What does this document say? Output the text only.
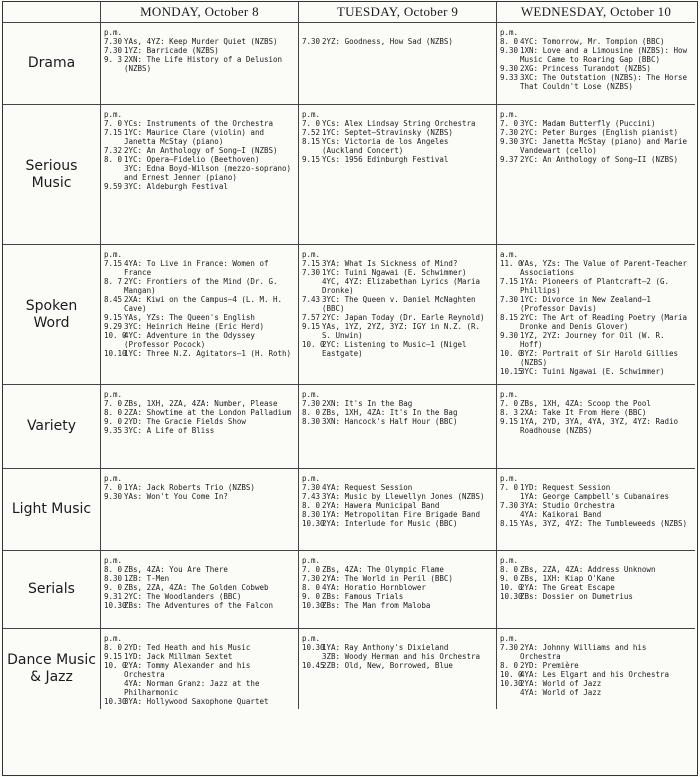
MONDAY, October 8	TUESDAY, October 9	WEDNESDAY, October 10
Drama
p.m.
7.30 YAs, 4YZ: Keep Murder Quiet (NZBS)
7.30 1YZ: Barricade (NZBS)
9. 3 2XN: The Life History of a Delusion (NZBS)
7.30 2YZ: Goodness, How Sad (NZBS)
p.m.
8. 0 4YC: Tomorrow, Mr. Tompion (BBC)
9.30 1XN: Love and a Limousine (NZBS): How Music Came to Roaring Gap (BBC)
9.30 2XG: Princess Turandot (NZBS)
9.33 3XC: The Outstation (NZBS): The Horse That Couldn't Lose (NZBS)
Serious Music
p.m.
7. 0 YCs: Instruments of the Orchestra
7.15 1YC: Maurice Clare (violin) and Janetta McStay (piano)
7.32 2YC: An Anthology of Song—I (NZBS)
8. 0 1YC: Opera—Fidelio (Beethoven)
3YC: Edna Boyd-Wilson (mezzo-soprano) and Ernest Jenner (piano)
9.59 3YC: Aldeburgh Festival
p.m.
7. 0 YCs: Alex Lindsay String Orchestra
7.52 1YC: Septet—Stravinsky (NZBS)
8.15 YCs: Victoria de los Angeles (Auckland Concert)
9.15 YCs: 1956 Edinburgh Festival
p.m.
7. 0 3YC: Madam Butterfly (Puccini)
7.30 2YC: Peter Burges (English pianist)
9.30 3YC: Janetta McStay (piano) and Marie Vandewart (cello)
9.37 2YC: An Anthology of Song—II (NZBS)
Spoken Word
p.m.
7.15 4YA: To Live in France: Women of France
8. 7 2YC: Frontiers of the Mind (Dr. G. Mangan)
8.45 2XA: Kiwi on the Campus—4 (L. M. H. Cave)
9.15 YAs, YZs: The Queen's English
9.29 3YC: Heinrich Heine (Eric Herd)
10. 0
4YC: Adventure in the Odyssey (Professor Pocock)
10.10
1YC: Three N.Z. Agitators—1 (H. Roth)
p.m.
7.15 3YA: What Is Sickness of Mind?
7.30 1YC: Tuini Ngawai (E. Schwimmer)
4YC, 4YZ: Elizabethan Lyrics (Maria Dronke)
7.43 3YC: The Queen v. Daniel McNaghten (BBC)
7.57 2YC: Japan Today (Dr. Earle Reynold)
9.15 YAs, 1YZ, 2YZ, 3YZ: IGY in N.Z. (R. S. Unwin)
10. 0
2YC: Listening to Music—1 (Nigel Eastgate)
a.m.
11. 0
YAs, YZs: The Value of Parent-Teacher Associations
7.15 1YA: Pioneers of Plantcraft—2 (G. Phillips)
7.30 1YC: Divorce in New Zealand—1 (Professor Davis)
8.15 2YC: The Art of Reading Poetry (Maria Dronke and Denis Glover)
9.30 1YZ, 2YZ: Journey for Oil (W. R. Hoff)
10. 0
3YZ: Portrait of Sir Harold Gillies (NZBS)
10.15
3YC: Tuini Ngawai (E. Schwimmer)
Variety
p.m.
7. 0 ZBs, 1XH, 2ZA, 4ZA: Number, Please
8. 0 2ZA: Showtime at the London Palladium
9. 0 2YD: The Gracie Fields Show
9.35 3YC: A Life of Bliss
p.m.
7.30 2XN: It's In the Bag
8. 0 ZBs, 1XH, 4ZA: It's In the Bag
8.30 3XN: Hancock's Half Hour (BBC)
p.m.
7. 0 ZBs, 1XH, 4ZA: Scoop the Pool
8. 3 2XA: Take It From Here (BBC)
9.15 1YA, 2YD, 3YA, 4YA, 3YZ, 4YZ: Radio Roadhouse (NZBS)
Light Music
p.m.
7. 0 1YA: Jack Roberts Trio (NZBS)
9.30 YAs: Won't You Come In?
p.m.
7.30 4YA: Request Session
7.43 3YA: Music by Llewellyn Jones (NZBS)
8. 0 2YA: Hawera Municipal Band
8.30 1YA: Metropolitan Fire Brigade Band
10.30
2YA: Interlude for Music (BBC)
p.m.
7. 0 1YD: Request Session
1YA: George Campbell's Cubanaires
7.30 3YA: Studio Orchestra
4YA: Kaikorai Band
8.15 YAs, 3YZ, 4YZ: The Tumbleweeds (NZBS)
Serials
p.m.
8. 0 ZBs, 4ZA: You Are There
8.30 1ZB: T-Men
9. 0 ZBs, 2ZA, 4ZA: The Golden Cobweb
9.31 2YC: The Woodlanders (BBC)
10.30
ZBs: The Adventures of the Falcon
p.m.
7. 0 ZBs, 4ZA: The Olympic Flame
7.30 2YA: The World in Peril (BBC)
8. 0 4YA: Horatio Hornblower
9. 0 ZBs: Famous Trials
10.30
ZBs: The Man from Maloba
p.m.
8. 0 ZBs, 2ZA, 4ZA: Address Unknown
9. 0 ZBs, 1XH: Kiap O'Kane
10. 0
2YA: The Great Escape
10.30
ZBs: Dossier on Dumetrius
Dance Music & Jazz
p.m.
8. 0 2YD: Ted Heath and his Music
9.15 1YD: Jack Millman Sextet
10. 0
2YA: Tommy Alexander and his Orchestra
4YA: Norman Granz: Jazz at the Philharmonic
10.30
3YA: Hollywood Saxophone Quartet
p.m.
10.30
1YA: Ray Anthony's Dixieland
3ZB: Woody Herman and his Orchestra
10.45
2ZB: Old, New, Borrowed, Blue
p.m.
7.30 2YA: Johnny Williams and his Orchestra
8. 0 2YD: Première
10. 0
4YA: Les Elgart and his Orchestra
10.30
2YA: World of Jazz
4YA: World of Jazz
